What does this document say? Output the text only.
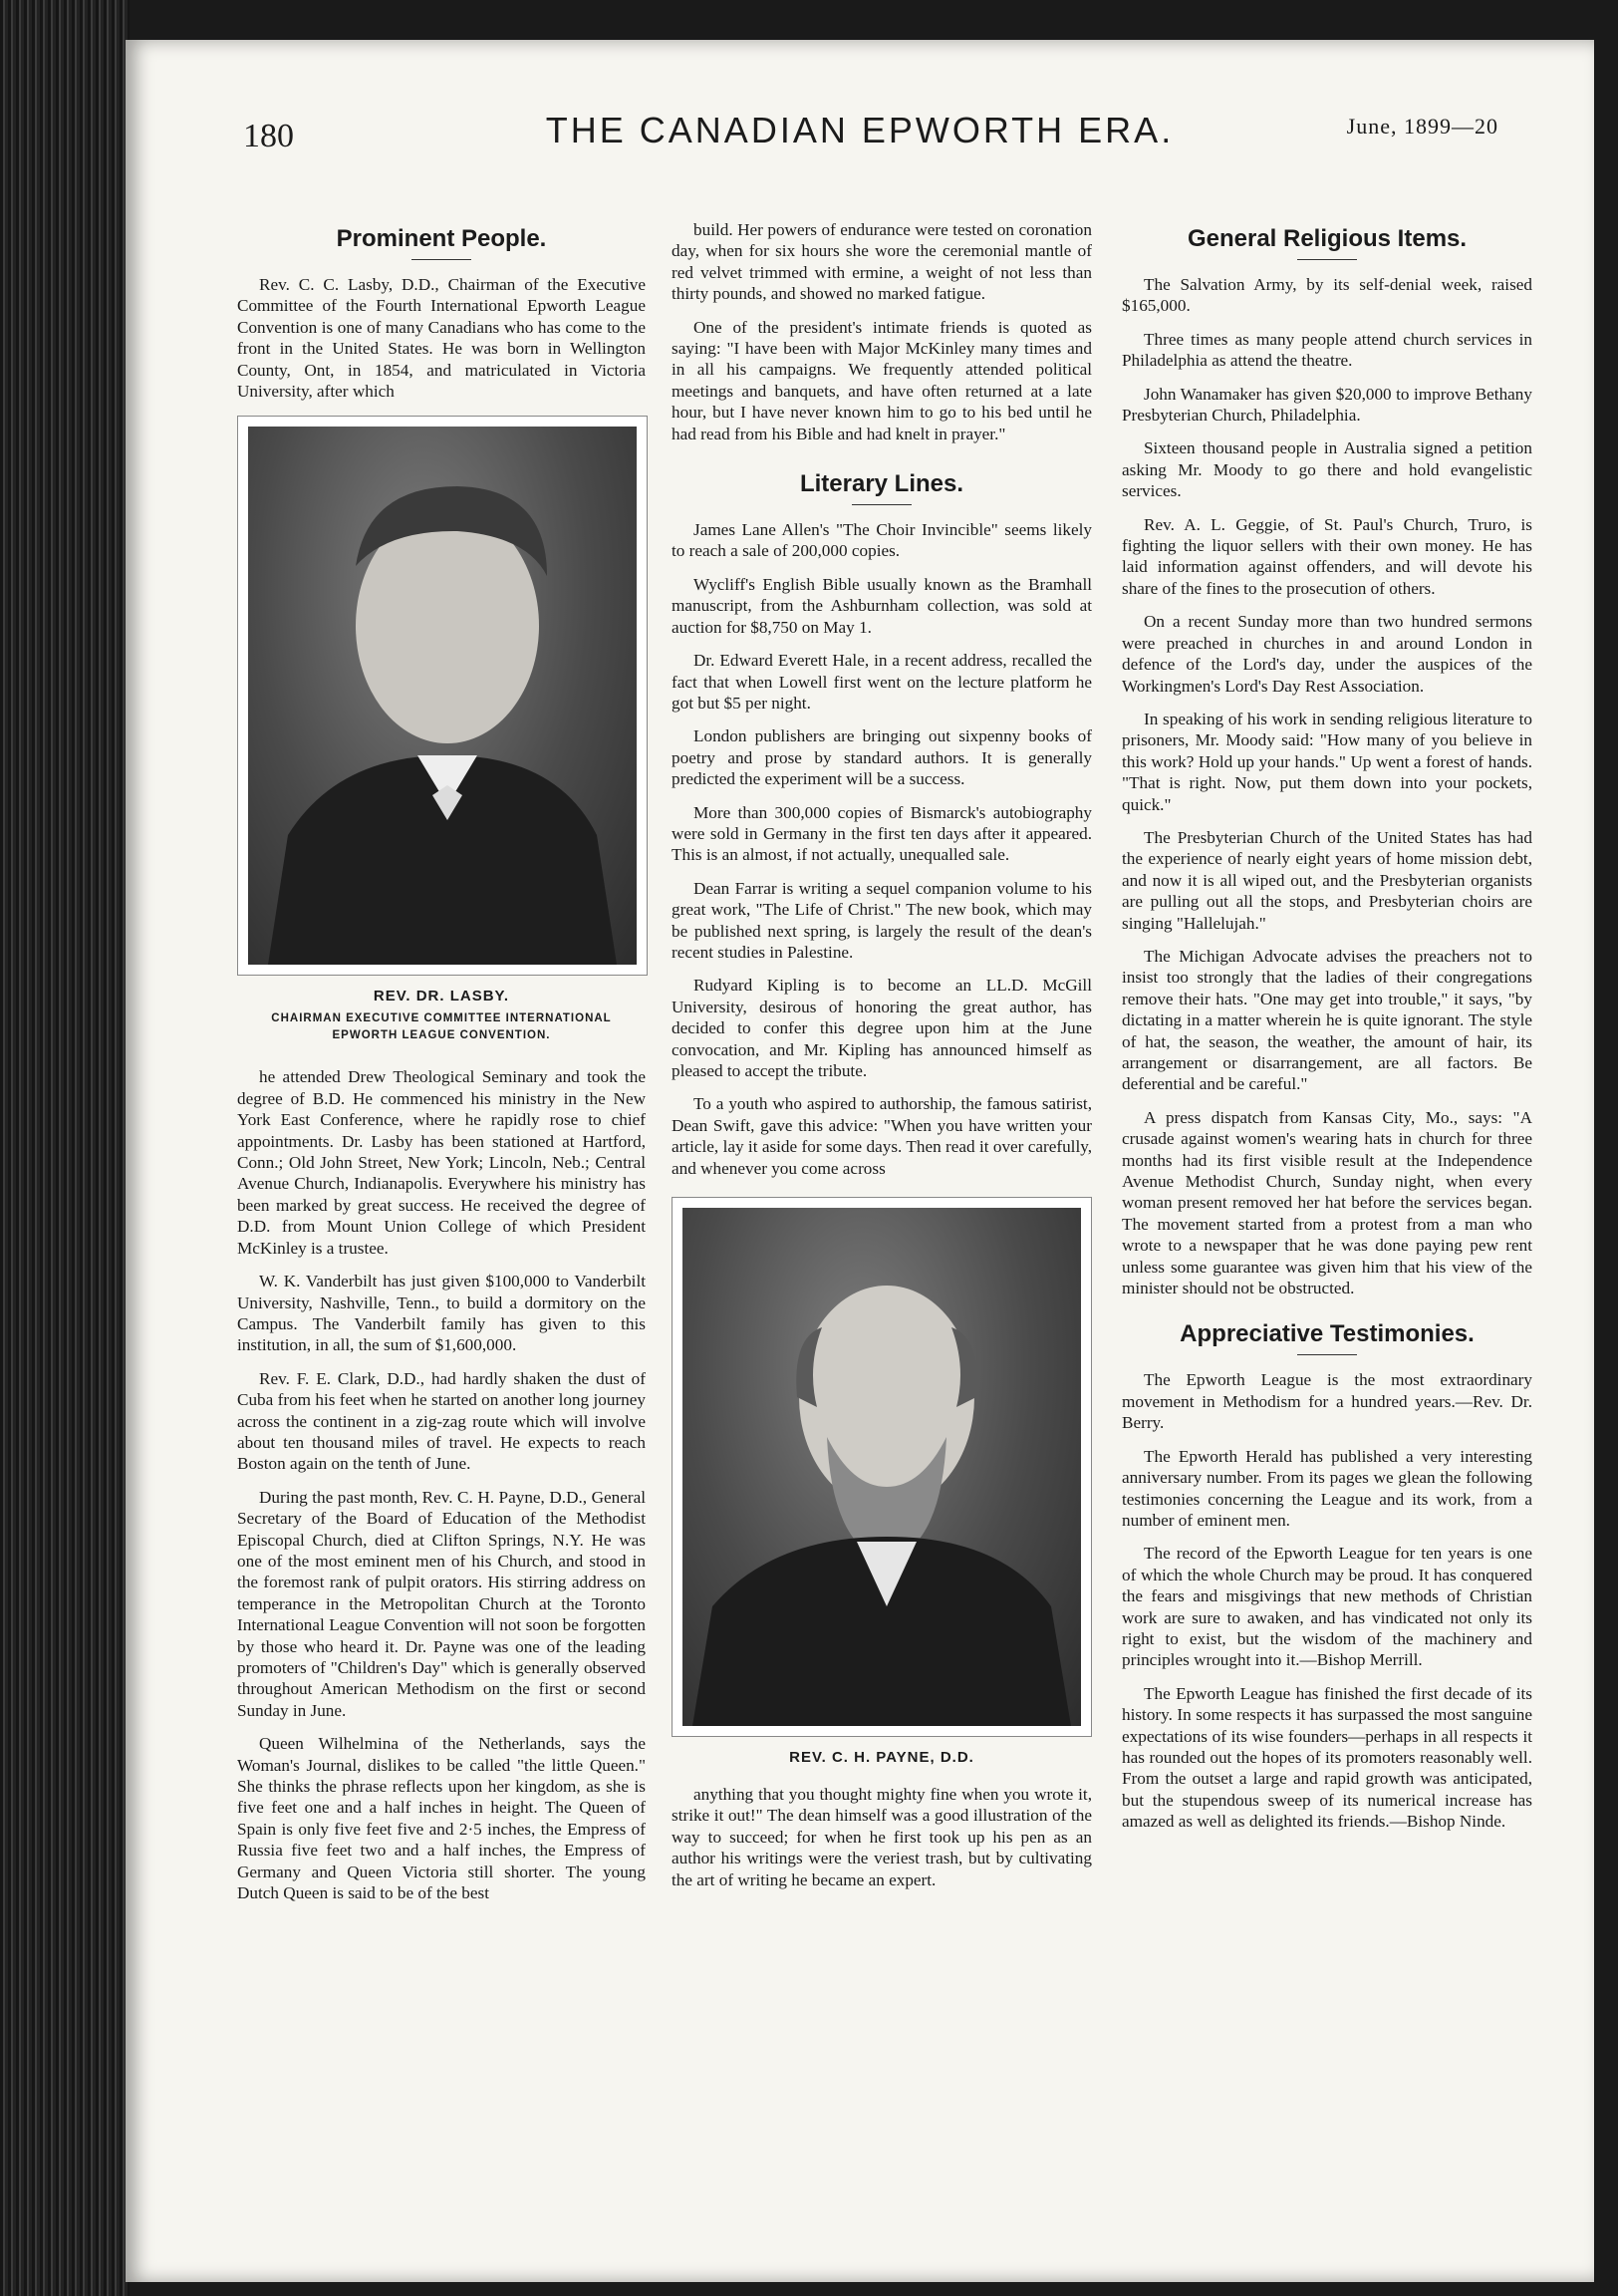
180	THE CANADIAN EPWORTH ERA.	June, 1899—20
Prominent People.

Rev. C. C. Lasby, D.D., Chairman of the Executive Committee of the Fourth International Epworth League Convention is one of many Canadians who has come to the front in the United States. He was born in Wellington County, Ont, in 1854, and matriculated in Victoria University, after which

REV. DR. LASBY.
CHAIRMAN EXECUTIVE COMMITTEE INTERNATIONAL EPWORTH LEAGUE CONVENTION.

he attended Drew Theological Seminary and took the degree of B.D. He commenced his ministry in the New York East Conference, where he rapidly rose to chief appointments. Dr. Lasby has been stationed at Hartford, Conn.; Old John Street, New York; Lincoln, Neb.; Central Avenue Church, Indianapolis. Everywhere his ministry has been marked by great success. He received the degree of D.D. from Mount Union College of which President McKinley is a trustee.

W. K. Vanderbilt has just given $100,000 to Vanderbilt University, Nashville, Tenn., to build a dormitory on the Campus. The Vanderbilt family has given to this institution, in all, the sum of $1,600,000.

Rev. F. E. Clark, D.D., had hardly shaken the dust of Cuba from his feet when he started on another long journey across the continent in a zig-zag route which will involve about ten thousand miles of travel. He expects to reach Boston again on the tenth of June.

During the past month, Rev. C. H. Payne, D.D., General Secretary of the Board of Education of the Methodist Episcopal Church, died at Clifton Springs, N.Y. He was one of the most eminent men of his Church, and stood in the foremost rank of pulpit orators. His stirring address on temperance in the Metropolitan Church at the Toronto International League Convention will not soon be forgotten by those who heard it. Dr. Payne was one of the leading promoters of "Children's Day" which is generally observed throughout American Methodism on the first or second Sunday in June.

Queen Wilhelmina of the Netherlands, says the Woman's Journal, dislikes to be called "the little Queen." She thinks the phrase reflects upon her kingdom, as she is five feet one and a half inches in height. The Queen of Spain is only five feet five and 2·5 inches, the Empress of Russia five feet two and a half inches, the Empress of Germany and Queen Victoria still shorter. The young Dutch Queen is said to be of the best

build. Her powers of endurance were tested on coronation day, when for six hours she wore the ceremonial mantle of red velvet trimmed with ermine, a weight of not less than thirty pounds, and showed no marked fatigue.

One of the president's intimate friends is quoted as saying: "I have been with Major McKinley many times and in all his campaigns. We frequently attended political meetings and banquets, and have often returned at a late hour, but I have never known him to go to his bed until he had read from his Bible and had knelt in prayer."

Literary Lines.

James Lane Allen's "The Choir Invincible" seems likely to reach a sale of 200,000 copies.

Wycliff's English Bible usually known as the Bramhall manuscript, from the Ashburnham collection, was sold at auction for $8,750 on May 1.

Dr. Edward Everett Hale, in a recent address, recalled the fact that when Lowell first went on the lecture platform he got but $5 per night.

London publishers are bringing out sixpenny books of poetry and prose by standard authors. It is generally predicted the experiment will be a success.

More than 300,000 copies of Bismarck's autobiography were sold in Germany in the first ten days after it appeared. This is an almost, if not actually, unequalled sale.

Dean Farrar is writing a sequel companion volume to his great work, "The Life of Christ." The new book, which may be published next spring, is largely the result of the dean's recent studies in Palestine.

Rudyard Kipling is to become an LL.D. McGill University, desirous of honoring the great author, has decided to confer this degree upon him at the June convocation, and Mr. Kipling has announced himself as pleased to accept the tribute.

To a youth who aspired to authorship, the famous satirist, Dean Swift, gave this advice: "When you have written your article, lay it aside for some days. Then read it over carefully, and whenever you come across

REV. C. H. PAYNE, D.D.

anything that you thought mighty fine when you wrote it, strike it out!" The dean himself was a good illustration of the way to succeed; for when he first took up his pen as an author his writings were the veriest trash, but by cultivating the art of writing he became an expert.

General Religious Items.

The Salvation Army, by its self-denial week, raised $165,000.

Three times as many people attend church services in Philadelphia as attend the theatre.

John Wanamaker has given $20,000 to improve Bethany Presbyterian Church, Philadelphia.

Sixteen thousand people in Australia signed a petition asking Mr. Moody to go there and hold evangelistic services.

Rev. A. L. Geggie, of St. Paul's Church, Truro, is fighting the liquor sellers with their own money. He has laid information against offenders, and will devote his share of the fines to the prosecution of others.

On a recent Sunday more than two hundred sermons were preached in churches in and around London in defence of the Lord's day, under the auspices of the Workingmen's Lord's Day Rest Association.

In speaking of his work in sending religious literature to prisoners, Mr. Moody said: "How many of you believe in this work? Hold up your hands." Up went a forest of hands. "That is right. Now, put them down into your pockets, quick."

The Presbyterian Church of the United States has had the experience of nearly eight years of home mission debt, and now it is all wiped out, and the Presbyterian organists are pulling out all the stops, and Presbyterian choirs are singing "Hallelujah."

The Michigan Advocate advises the preachers not to insist too strongly that the ladies of their congregations remove their hats. "One may get into trouble," it says, "by dictating in a matter wherein he is quite ignorant. The style of hat, the season, the weather, the amount of hair, its arrangement or disarrangement, are all factors. Be deferential and be careful."

A press dispatch from Kansas City, Mo., says: "A crusade against women's wearing hats in church for three months had its first visible result at the Independence Avenue Methodist Church, Sunday night, when every woman present removed her hat before the services began. The movement started from a protest from a man who wrote to a newspaper that he was done paying pew rent unless some guarantee was given him that his view of the minister should not be obstructed.

Appreciative Testimonies.

The Epworth League is the most extraordinary movement in Methodism for a hundred years.—Rev. Dr. Berry.

The Epworth Herald has published a very interesting anniversary number. From its pages we glean the following testimonies concerning the League and its work, from a number of eminent men.

The record of the Epworth League for ten years is one of which the whole Church may be proud. It has conquered the fears and misgivings that new methods of Christian work are sure to awaken, and has vindicated not only its right to exist, but the wisdom of the machinery and principles wrought into it.—Bishop Merrill.

The Epworth League has finished the first decade of its history. In some respects it has surpassed the most sanguine expectations of its wise founders—perhaps in all respects it has rounded out the hopes of its promoters reasonably well. From the outset a large and rapid growth was anticipated, but the stupendous sweep of its numerical increase has amazed as well as delighted its friends.—Bishop Ninde.
